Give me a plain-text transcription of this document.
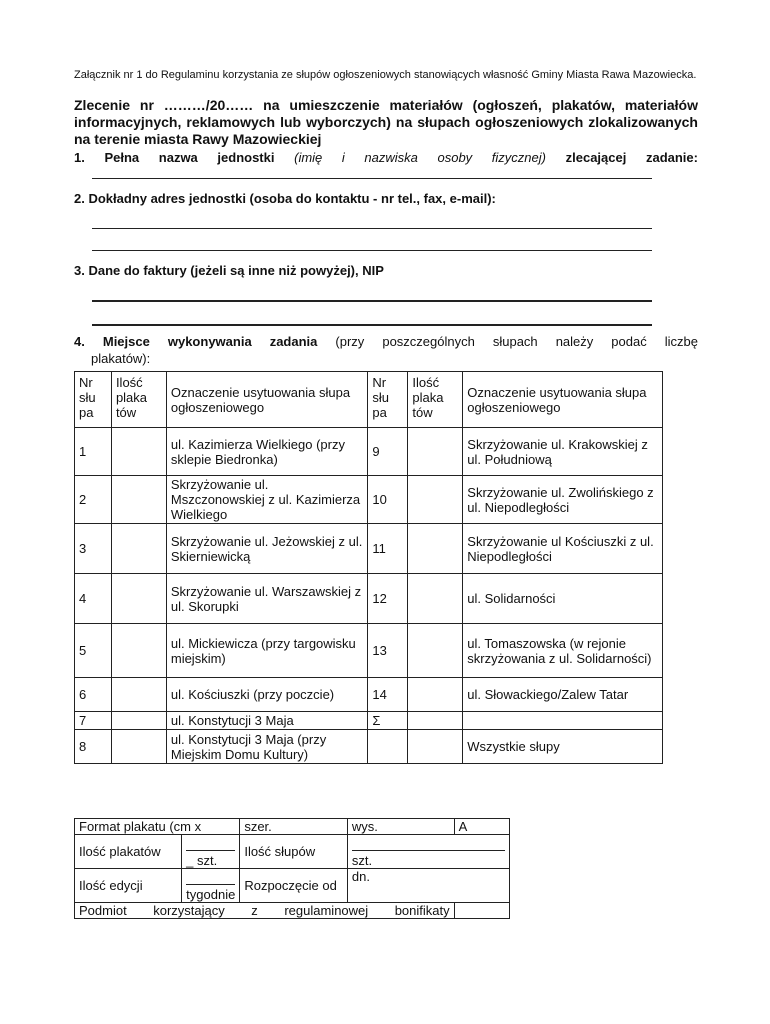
Załącznik nr 1 do Regulaminu korzystania ze słupów ogłoszeniowych stanowiących własność Gminy Miasta Rawa Mazowiecka.
Zlecenie nr ………/20…… na umieszczenie materiałów (ogłoszeń, plakatów, materiałów informacyjnych, reklamowych lub wyborczych) na słupach ogłoszeniowych zlokalizowanych na terenie miasta Rawy Mazowieckiej
1. Pełna nazwa jednostki (imię i nazwiska osoby fizycznej) zlecającej zadanie:
2. Dokładny adres jednostki (osoba do kontaktu - nr tel., fax, e-mail):
3. Dane do faktury (jeżeli są inne niż powyżej), NIP
4. Miejsce wykonywania zadania (przy poszczególnych słupach należy podać liczbę
plakatów):
Nr słu pa	Ilość plaka tów	Oznaczenie usytuowania słupa ogłoszeniowego	Nr słu pa	Ilość plaka tów	Oznaczenie usytuowania słupa ogłoszeniowego
1		ul. Kazimierza Wielkiego (przy sklepie Biedronka)	9		Skrzyżowanie ul. Krakowskiej z ul. Południową
2		Skrzyżowanie ul. Mszczonowskiej z ul. Kazimierza Wielkiego	10		Skrzyżowanie ul. Zwolińskiego z ul. Niepodległości
3		Skrzyżowanie ul. Jeżowskiej z ul. Skierniewicką	11		Skrzyżowanie ul Kościuszki z ul. Niepodległości
4		Skrzyżowanie ul. Warszawskiej z ul. Skorupki	12		ul. Solidarności
5		ul. Mickiewicza (przy targowisku miejskim)	13		ul. Tomaszowska (w rejonie skrzyżowania z ul. Solidarności)
6		ul. Kościuszki (przy poczcie)	14		ul. Słowackiego/Zalew Tatar
7		ul. Konstytucji 3 Maja	Σ		
8		ul. Konstytucji 3 Maja (przy Miejskim Domu Kultury)			Wszystkie słupy
Format plakatu (cm x		szer.	wys.	A
Ilość plakatów	_ szt.	Ilość słupów	szt.	
Ilość edycji	tygodnie	Rozpoczęcie od	dn.	
Podmiot korzystający z regulaminowej bonifikaty				
